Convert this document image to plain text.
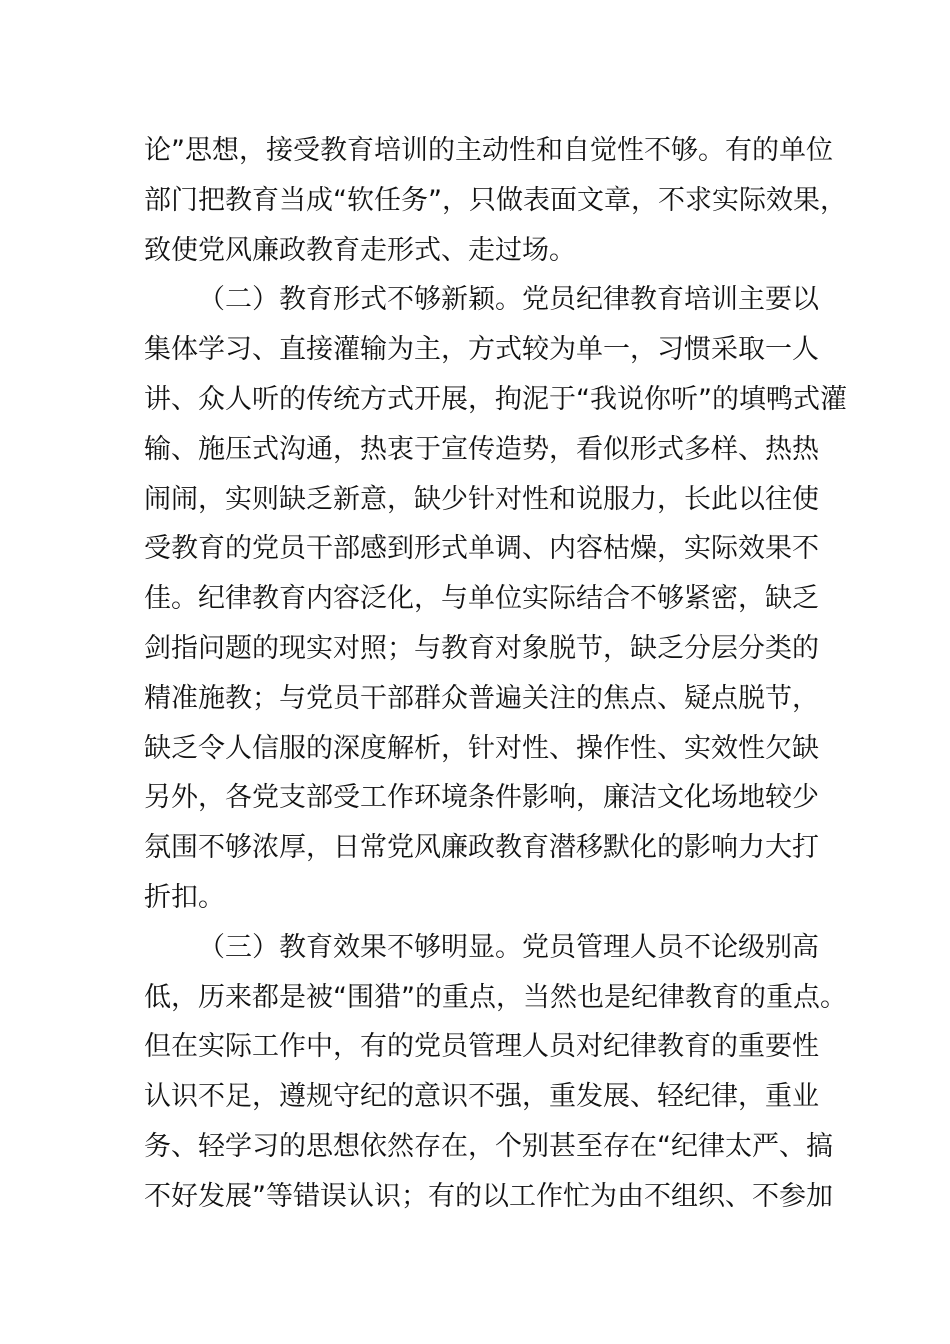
论”思想，接受教育培训的主动性和自觉性不够。有的单位
部门把教育当成“软任务”，只做表面文章，不求实际效果，
致使党风廉政教育走形式、走过场。
（二）教育形式不够新颖。党员纪律教育培训主要以
集体学习、直接灌输为主，方式较为单一，习惯采取一人
讲、众人听的传统方式开展，拘泥于“我说你听”的填鸭式灌
输、施压式沟通，热衷于宣传造势，看似形式多样、热热
闹闹，实则缺乏新意，缺少针对性和说服力，长此以往使
受教育的党员干部感到形式单调、内容枯燥，实际效果不
佳。纪律教育内容泛化，与单位实际结合不够紧密，缺乏
剑指问题的现实对照；与教育对象脱节，缺乏分层分类的
精准施教；与党员干部群众普遍关注的焦点、疑点脱节，
缺乏令人信服的深度解析，针对性、操作性、实效性欠缺
另外，各党支部受工作环境条件影响，廉洁文化场地较少
氛围不够浓厚，日常党风廉政教育潜移默化的影响力大打
折扣。
（三）教育效果不够明显。党员管理人员不论级别高
低，历来都是被“围猎”的重点，当然也是纪律教育的重点。
但在实际工作中，有的党员管理人员对纪律教育的重要性
认识不足，遵规守纪的意识不强，重发展、轻纪律，重业
务、轻学习的思想依然存在，个别甚至存在“纪律太严、搞
不好发展”等错误认识；有的以工作忙为由不组织、不参加
